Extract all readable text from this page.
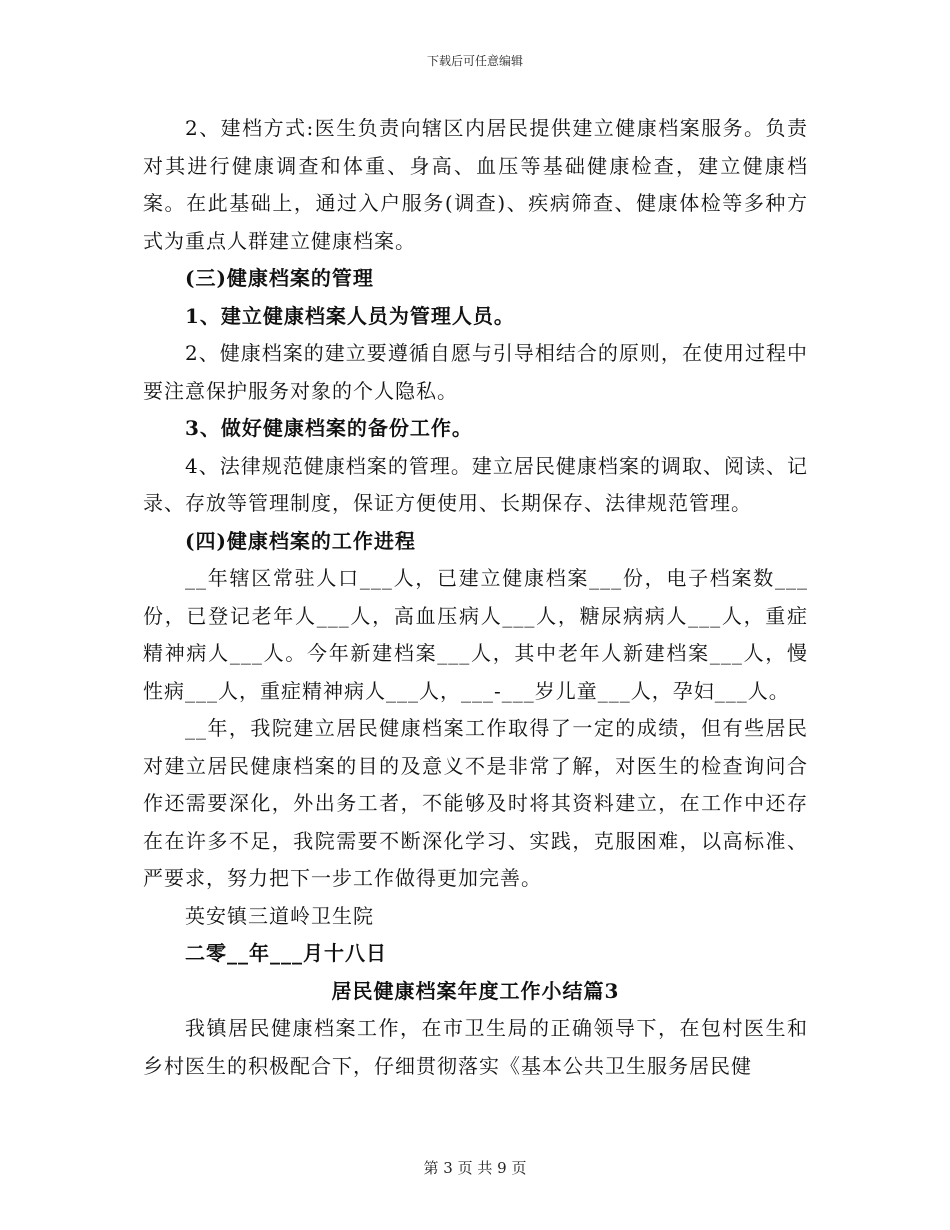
下载后可任意编辑

2、建档方式:医生负责向辖区内居民提供建立健康档案服务。负责对其进行健康调查和体重、身高、血压等基础健康检查，建立健康档案。在此基础上，通过入户服务(调查)、疾病筛查、健康体检等多种方式为重点人群建立健康档案。

(三)健康档案的管理

1、建立健康档案人员为管理人员。

2、健康档案的建立要遵循自愿与引导相结合的原则，在使用过程中要注意保护服务对象的个人隐私。

3、做好健康档案的备份工作。

4、法律规范健康档案的管理。建立居民健康档案的调取、阅读、记录、存放等管理制度，保证方便使用、长期保存、法律规范管理。

(四)健康档案的工作进程

__年辖区常驻人口___人，已建立健康档案___份，电子档案数___份，已登记老年人___人，高血压病人___人，糖尿病病人___人，重症精神病人___人。今年新建档案___人，其中老年人新建档案___人，慢性病___人，重症精神病人___人，___-___岁儿童___人，孕妇___人。

__年，我院建立居民健康档案工作取得了一定的成绩，但有些居民对建立居民健康档案的目的及意义不是非常了解，对医生的检查询问合作还需要深化，外出务工者，不能够及时将其资料建立，在工作中还存在在许多不足，我院需要不断深化学习、实践，克服困难，以高标准、严要求，努力把下一步工作做得更加完善。

英安镇三道岭卫生院

二零__年___月十八日

居民健康档案年度工作小结篇3

我镇居民健康档案工作，在市卫生局的正确领导下，在包村医生和乡村医生的积极配合下，仔细贯彻落实《基本公共卫生服务居民健

第 3 页 共 9 页
